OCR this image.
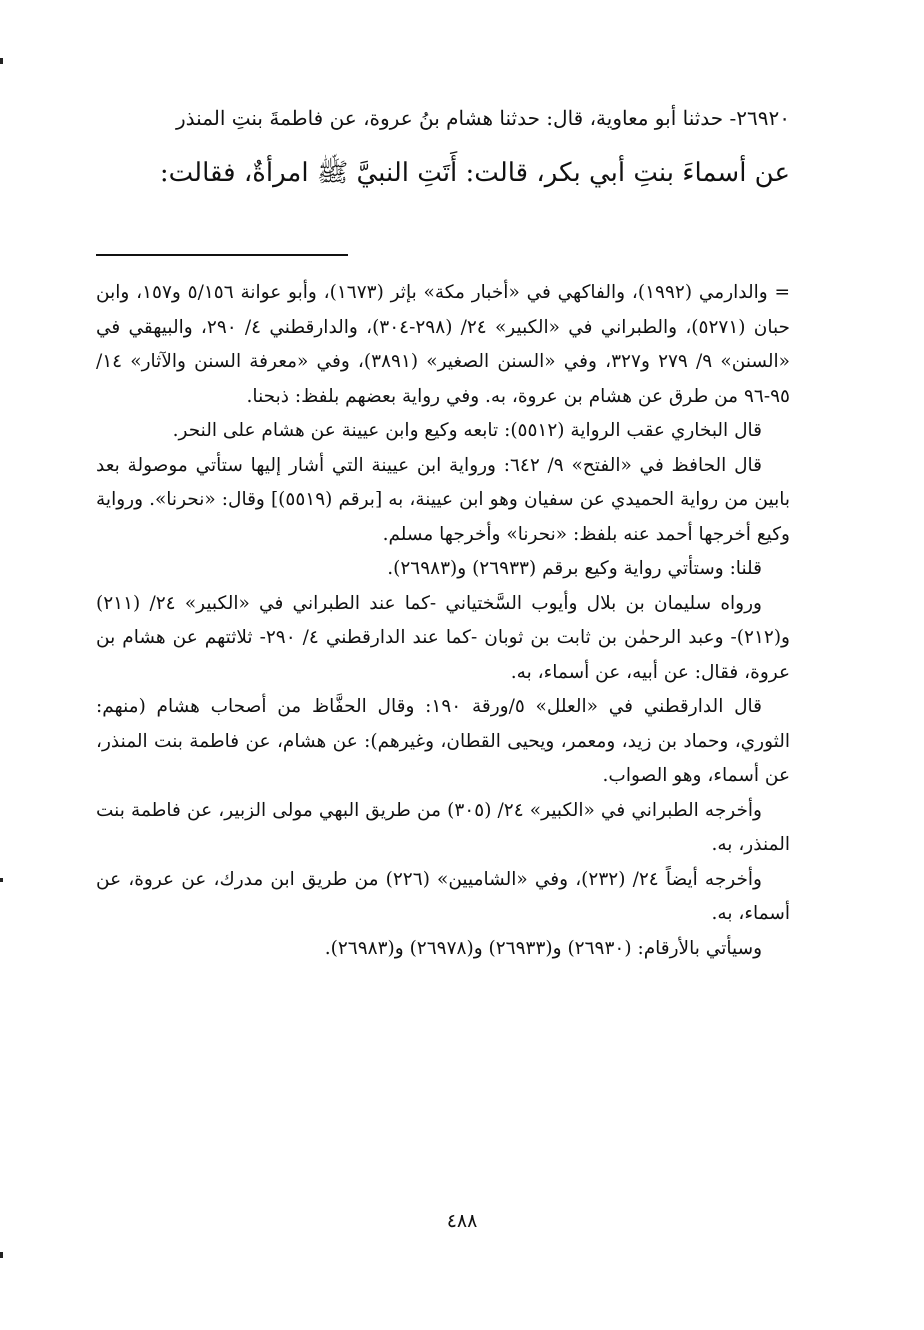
٢٦٩٢٠- حدثنا أبو معاوية، قال: حدثنا هشام بنُ عروة، عن فاطمةَ بنتِ المنذر
عن أسماءَ بنتِ أبي بكر، قالت: أَتَتِ النبيَّ ﷺ امرأةٌ، فقالت:

= والدارمي (١٩٩٢)، والفاكهي في «أخبار مكة» بإثر (١٦٧٣)، وأبو عوانة ٥/١٥٦ و١٥٧، وابن حبان (٥٢٧١)، والطبراني في «الكبير» ٢٤/ (٢٩٨-٣٠٤)، والدارقطني ٤/ ٢٩٠، والبيهقي في «السنن» ٩/ ٢٧٩ و٣٢٧، وفي «السنن الصغير» (٣٨٩١)، وفي «معرفة السنن والآثار» ١٤/ ٩٥-٩٦ من طرق عن هشام بن عروة، به. وفي رواية بعضهم بلفظ: ذبحنا.

قال البخاري عقب الرواية (٥٥١٢): تابعه وكيع وابن عيينة عن هشام على النحر.

قال الحافظ في «الفتح» ٩/ ٦٤٢: ورواية ابن عيينة التي أشار إليها ستأتي موصولة بعد بابين من رواية الحميدي عن سفيان وهو ابن عيينة، به [برقم (٥٥١٩)] وقال: «نحرنا». ورواية وكيع أخرجها أحمد عنه بلفظ: «نحرنا» وأخرجها مسلم.

قلنا: وستأتي رواية وكيع برقم (٢٦٩٣٣) و(٢٦٩٨٣).

ورواه سليمان بن بلال وأيوب السَّختياني -كما عند الطبراني في «الكبير» ٢٤/ (٢١١) و(٢١٢)- وعبد الرحمٰن بن ثابت بن ثوبان -كما عند الدارقطني ٤/ ٢٩٠- ثلاثتهم عن هشام بن عروة، فقال: عن أبيه، عن أسماء، به.

قال الدارقطني في «العلل» ٥/ورقة ١٩٠: وقال الحفَّاظ من أصحاب هشام (منهم: الثوري، وحماد بن زيد، ومعمر، ويحيى القطان، وغيرهم): عن هشام، عن فاطمة بنت المنذر، عن أسماء، وهو الصواب.

وأخرجه الطبراني في «الكبير» ٢٤/ (٣٠٥) من طريق البهي مولى الزبير، عن فاطمة بنت المنذر، به.

وأخرجه أيضاً ٢٤/ (٢٣٢)، وفي «الشاميين» (٢٢٦) من طريق ابن مدرك، عن عروة، عن أسماء، به.

وسيأتي بالأرقام: (٢٦٩٣٠) و(٢٦٩٣٣) و(٢٦٩٧٨) و(٢٦٩٨٣).

٤٨٨
